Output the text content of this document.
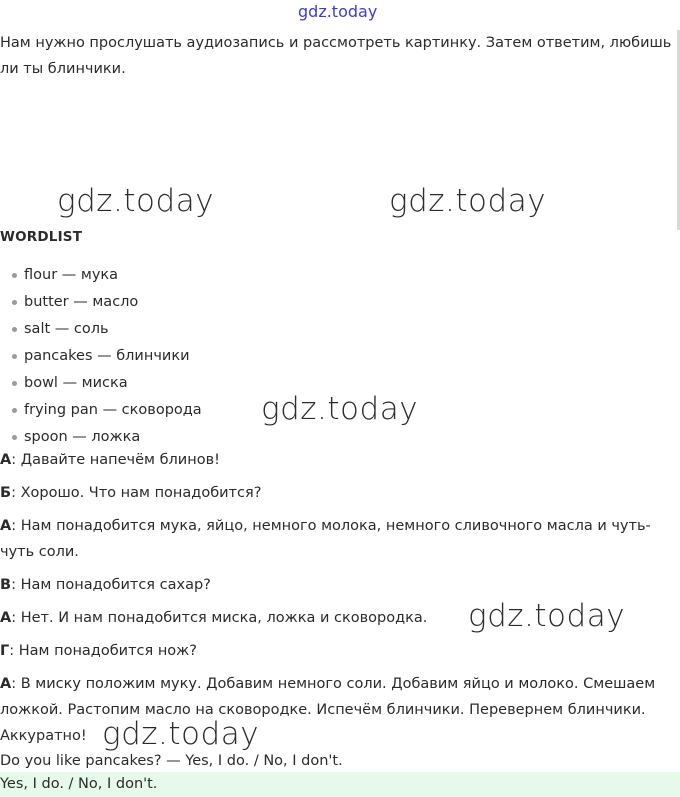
gdz.today

Нам нужно прослушать аудиозапись и рассмотреть картинку. Затем ответим, любишь ли ты блинчики.

gdz.today	gdz.today

WORDLIST

flour — мука
butter — масло
salt — соль
pancakes — блинчики
bowl — миска
frying pan — сковорода
spoon — ложка
gdz.today

А: Давайте напечём блинов!

Б: Хорошо. Что нам понадобится?

А: Нам понадобится мука, яйцо, немного молока, немного сливочного масла и чуть-чуть соли.

В: Нам понадобится сахар?

А: Нет. И нам понадобится миска, ложка и сковородка.	gdz.today

Г: Нам понадобится нож?

А: В миску положим муку. Добавим немного соли. Добавим яйцо и молоко. Смешаем ложкой. Растопим масло на сковородке. Испечём блинчики. Перевернем блинчики. Аккуратно! gdz.today

Do you like pancakes? — Yes, I do. / No, I don't.

Yes, I do. / No, I don't.
